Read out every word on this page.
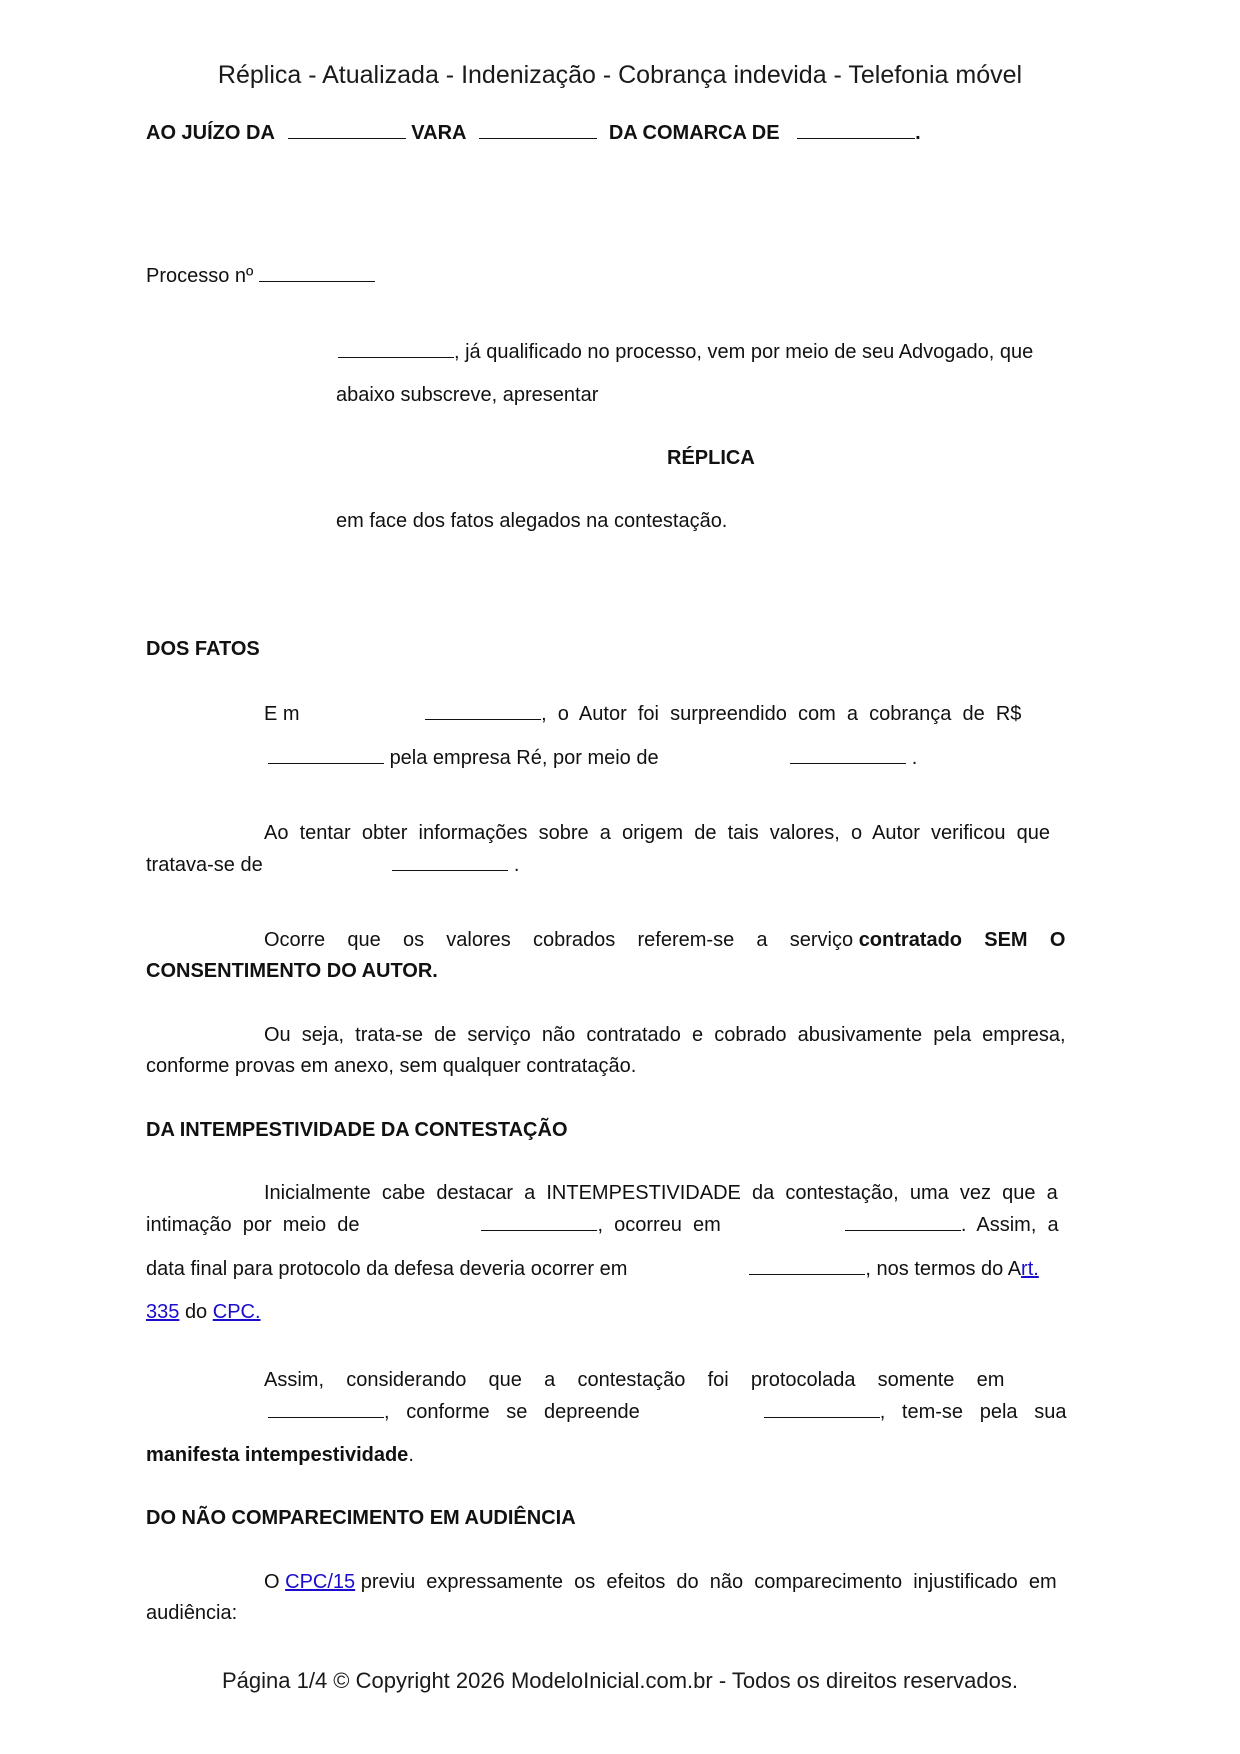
Réplica - Atualizada - Indenização - Cobrança indevida - Telefonia móvel
AO JUÍZO DA	VARA	DA COMARCA DE	.
Processo nº
, já qualificado no processo, vem por meio de seu Advogado, que
abaixo subscreve, apresentar
RÉPLICA
em face dos fatos alegados na contestação.
DOS FATOS
E m	,  o  Autor  foi  surpreendido  com  a  cobrança  de  R$
pela empresa Ré, por meio de	.
Ao  tentar  obter  informações  sobre  a  origem  de  tais  valores,  o  Autor  verificou  que
tratava-se de	.
Ocorre    que    os    valores    cobrados    referem-se    a    serviço contratado    SEM    O
CONSENTIMENTO DO AUTOR.
Ou  seja,  trata-se  de  serviço  não  contratado  e  cobrado  abusivamente  pela  empresa,
conforme provas em anexo, sem qualquer contratação.
DA INTEMPESTIVIDADE DA CONTESTAÇÃO
Inicialmente  cabe  destacar  a  INTEMPESTIVIDADE  da  contestação,  uma  vez  que  a
intimação  por  meio  de	,  ocorreu  em	.  Assim,  a
data final para protocolo da defesa deveria ocorrer em	, nos termos do Art.
335 do CPC.
Assim,    considerando    que    a    contestação    foi    protocolada    somente    em
,   conforme   se   depreende	,   tem-se   pela   sua
manifesta intempestividade.
DO NÃO COMPARECIMENTO EM AUDIÊNCIA
O CPC/15 previu  expressamente  os  efeitos  do  não  comparecimento  injustificado  em
audiência:
Página 1/4 © Copyright 2026 ModeloInicial.com.br - Todos os direitos reservados.
